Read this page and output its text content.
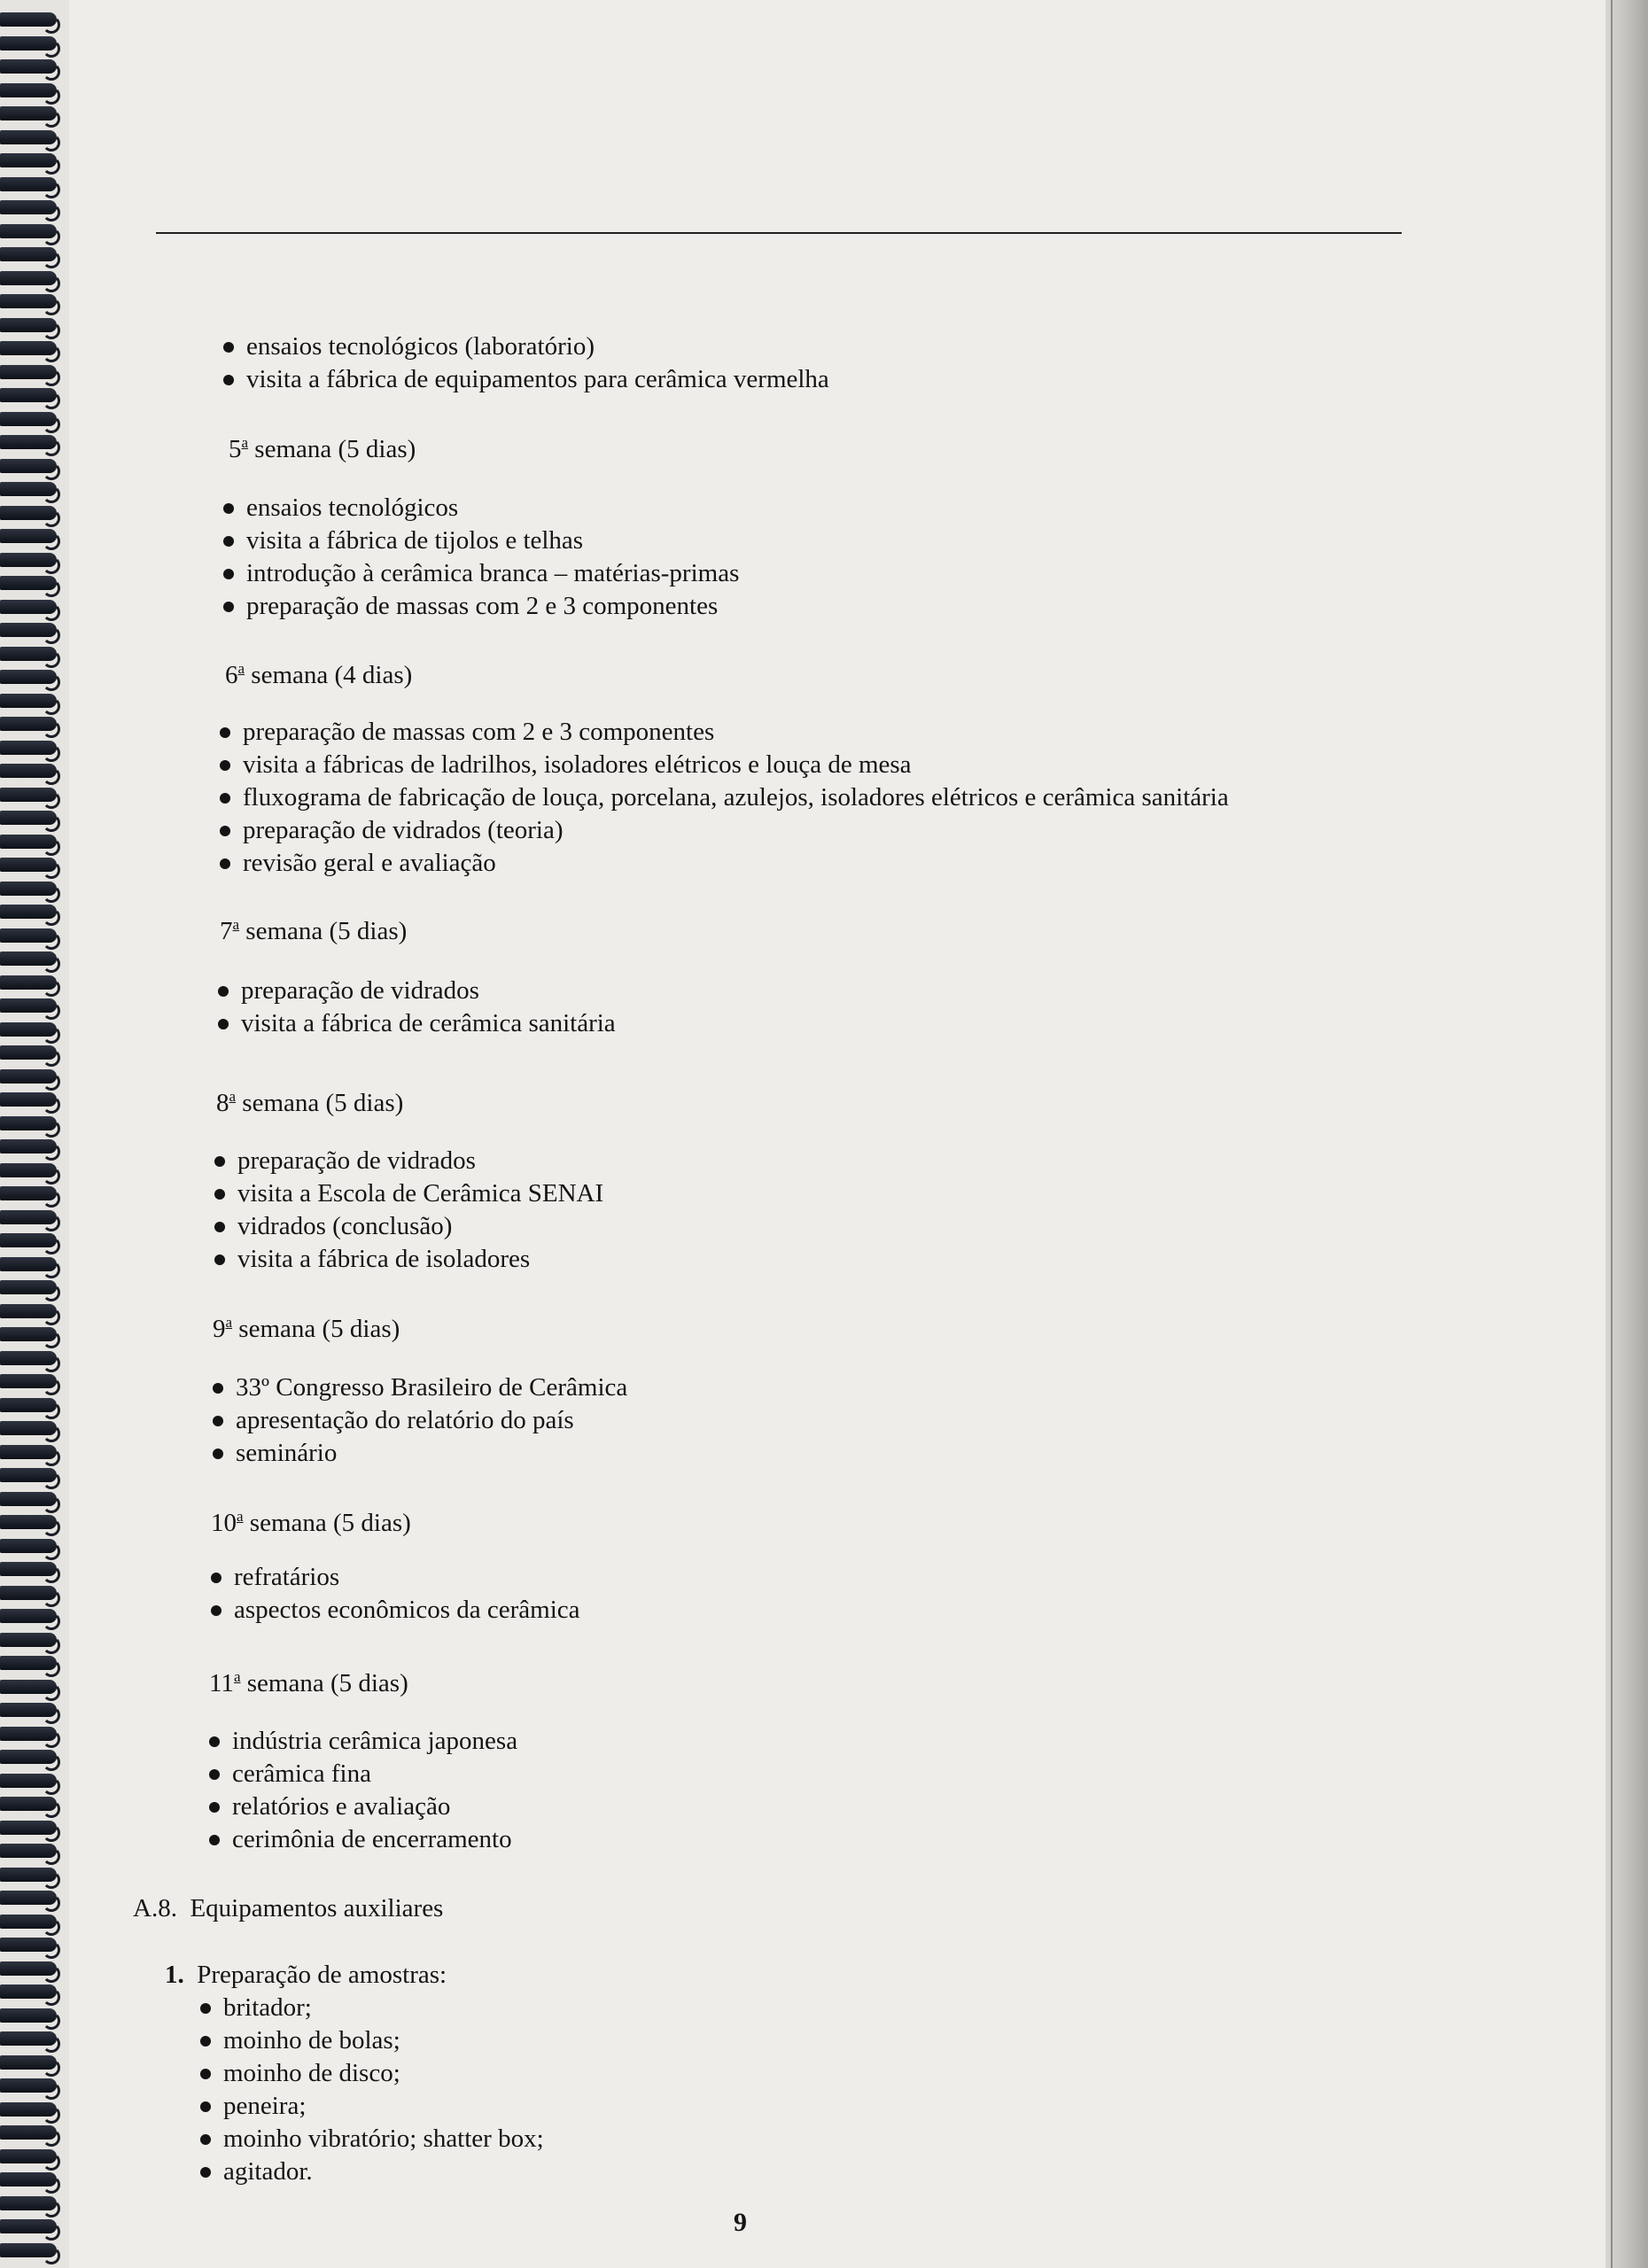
ensaios tecnológicos (laboratório)
visita a fábrica de equipamentos para cerâmica vermelha
5$^a$ semana (5 dias)
ensaios tecnológicos
visita a fábrica de tijolos e telhas
introdução à cerâmica branca – matérias-primas
preparação de massas com 2 e 3 componentes
6$^a$ semana (4 dias)
preparação de massas com 2 e 3 componentes
visita a fábricas de ladrilhos, isoladores elétricos e louça de mesa
fluxograma de fabricação de louça, porcelana, azulejos, isoladores elétricos e cerâmica sanitária
preparação de vidrados (teoria)
revisão geral e avaliação
7$^a$ semana (5 dias)
preparação de vidrados
visita a fábrica de cerâmica sanitária
8$^a$ semana (5 dias)
preparação de vidrados
visita a Escola de Cerâmica SENAI
vidrados (conclusão)
visita a fábrica de isoladores
9$^a$ semana (5 dias)
33º Congresso Brasileiro de Cerâmica
apresentação do relatório do país
seminário
10$^a$ semana (5 dias)
refratários
aspectos econômicos da cerâmica
11$^a$ semana (5 dias)
indústria cerâmica japonesa
cerâmica fina
relatórios e avaliação
cerimônia de encerramento
A.8. Equipamentos auxiliares
1. Preparação de amostras:
britador;
moinho de bolas;
moinho de disco;
peneira;
moinho vibratório; shatter box;
agitador.
9
